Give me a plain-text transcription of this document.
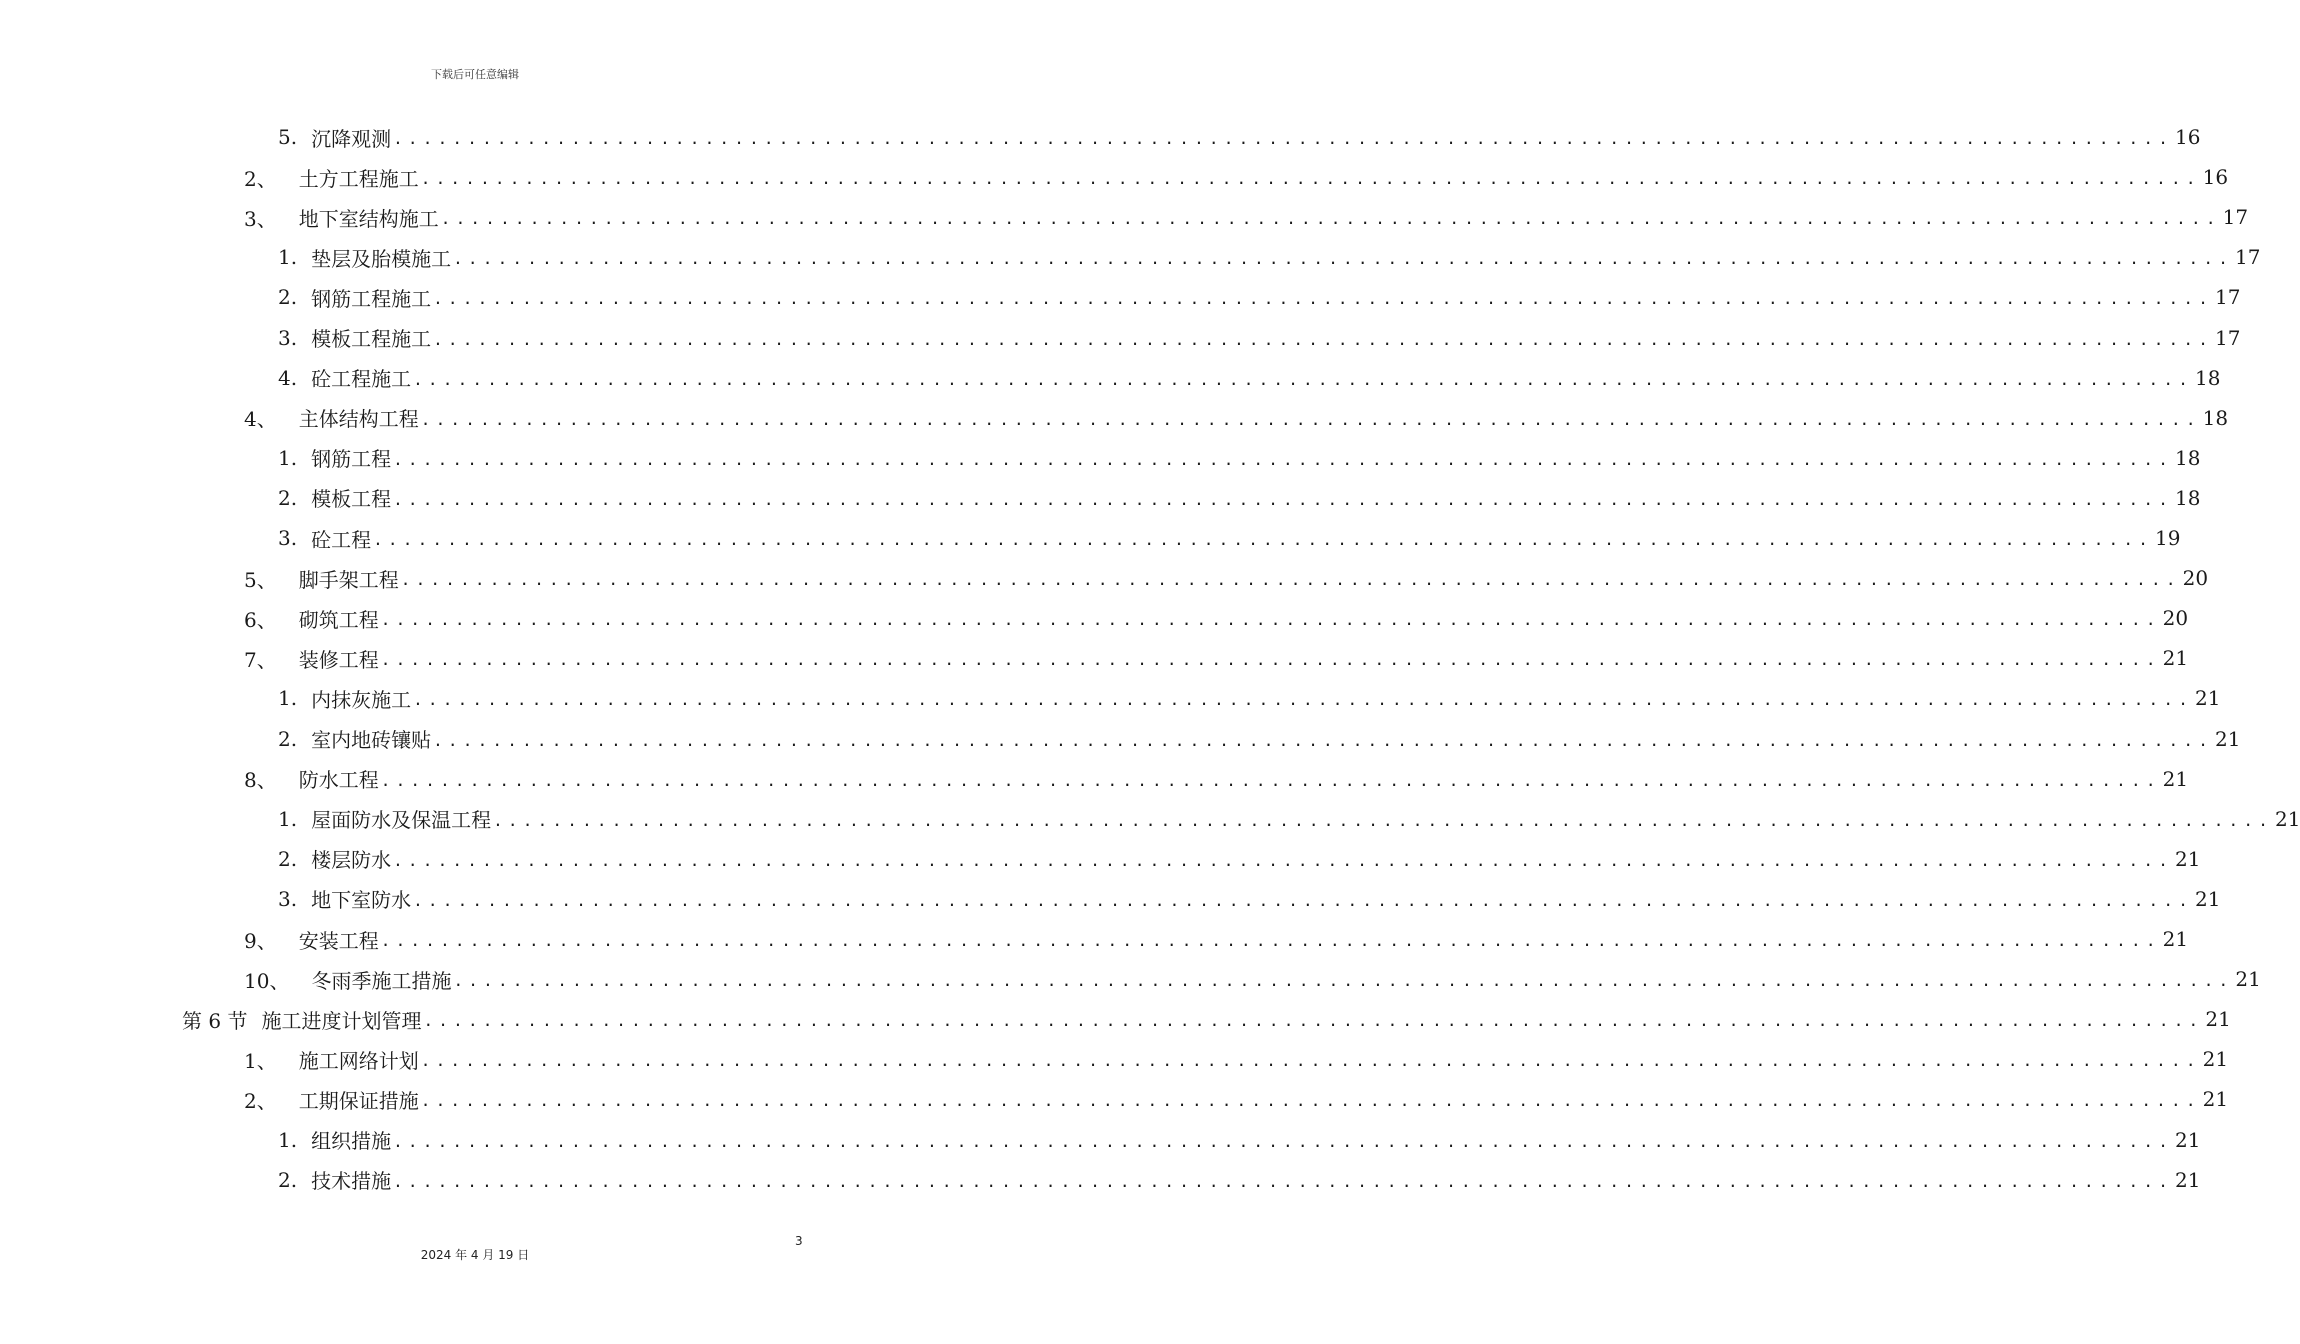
下载后可任意编辑
5. 沉降观测 ........................................................................................................................ 16
2、 土方工程施工 ........................................................................................................................ 16
3、 地下室结构施工 ........................................................................................................................ 17
1. 垫层及胎模施工 ........................................................................................................................ 17
2. 钢筋工程施工 ........................................................................................................................ 17
3. 模板工程施工 ........................................................................................................................ 17
4. 砼工程施工 ........................................................................................................................ 18
4、 主体结构工程 ........................................................................................................................ 18
1. 钢筋工程 ........................................................................................................................ 18
2. 模板工程 ........................................................................................................................ 18
3. 砼工程 ........................................................................................................................ 19
5、 脚手架工程 ........................................................................................................................ 20
6、 砌筑工程 ........................................................................................................................ 20
7、 装修工程 ........................................................................................................................ 21
1. 内抹灰施工 ........................................................................................................................ 21
2. 室内地砖镶贴 ........................................................................................................................ 21
8、 防水工程 ........................................................................................................................ 21
1. 屋面防水及保温工程 ........................................................................................................................ 21
2. 楼层防水 ........................................................................................................................ 21
3. 地下室防水 ........................................................................................................................ 21
9、 安装工程 ........................................................................................................................ 21
10、 冬雨季施工措施 ........................................................................................................................ 21
第 6 节 施工进度计划管理 ........................................................................................................................ 21
1、 施工网络计划 ........................................................................................................................ 21
2、 工期保证措施 ........................................................................................................................ 21
1. 组织措施 ........................................................................................................................ 21
2. 技术措施 ........................................................................................................................ 21
3
2024 年 4 月 19 日
